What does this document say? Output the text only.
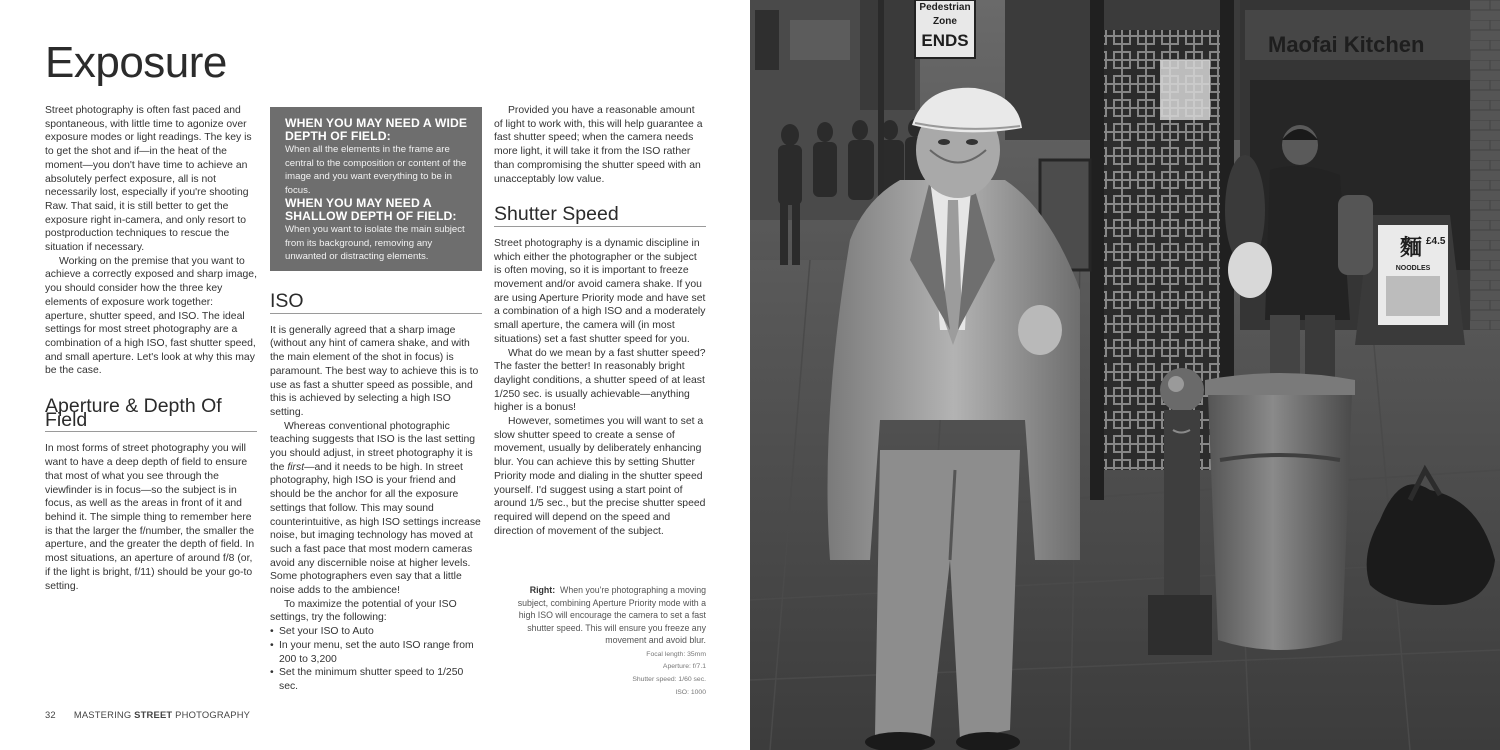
Exposure

Street photography is often fast paced and spontaneous, with little time to agonize over exposure modes or light readings. The key is to get the shot and if—in the heat of the moment—you don't have time to achieve an absolutely perfect exposure, all is not necessarily lost, especially if you're shooting Raw. That said, it is still better to get the exposure right in-camera, and only resort to postproduction techniques to rescue the situation if necessary.

Working on the premise that you want to achieve a correctly exposed and sharp image, you should consider how the three key elements of exposure work together: aperture, shutter speed, and ISO. The ideal settings for most street photography are a combination of a high ISO, fast shutter speed, and small aperture. Let's look at why this may be the case.

Aperture & Depth Of Field

In most forms of street photography you will want to have a deep depth of field to ensure that most of what you see through the viewfinder is in focus—so the subject is in focus, as well as the areas in front of it and behind it. The simple thing to remember here is that the larger the f/number, the smaller the aperture, and the greater the depth of field. In most situations, an aperture of around f/8 (or, if the light is bright, f/11) should be your go-to setting.

WHEN YOU MAY NEED A WIDE DEPTH OF FIELD:

When all the elements in the frame are central to the composition or content of the image and you want everything to be in focus.

WHEN YOU MAY NEED A SHALLOW DEPTH OF FIELD:

When you want to isolate the main subject from its background, removing any unwanted or distracting elements.

ISO

It is generally agreed that a sharp image (without any hint of camera shake, and with the main element of the shot in focus) is paramount. The best way to achieve this is to use as fast a shutter speed as possible, and this is achieved by selecting a high ISO setting.

Whereas conventional photographic teaching suggests that ISO is the last setting you should adjust, in street photography it is the first—and it needs to be high. In street photography, high ISO is your friend and should be the anchor for all the exposure settings that follow. This may sound counterintuitive, as high ISO settings increase noise, but imaging technology has moved at such a fast pace that most modern cameras avoid any discernible noise at higher levels. Some photographers even say that a little noise adds to the ambience!

To maximize the potential of your ISO settings, try the following:

• Set your ISO to Auto
• In your menu, set the auto ISO range from 200 to 3,200
• Set the minimum shutter speed to 1/250 sec.

Provided you have a reasonable amount of light to work with, this will help guarantee a fast shutter speed; when the camera needs more light, it will take it from the ISO rather than compromising the shutter speed with an unacceptably low value.

Shutter Speed

Street photography is a dynamic discipline in which either the photographer or the subject is often moving, so it is important to freeze movement and/or avoid camera shake. If you are using Aperture Priority mode and have set a combination of a high ISO and a moderately small aperture, the camera will (in most situations) set a fast shutter speed for you.

What do we mean by a fast shutter speed? The faster the better! In reasonably bright daylight conditions, a shutter speed of at least 1/250 sec. is usually achievable—anything higher is a bonus!

However, sometimes you will want to set a slow shutter speed to create a sense of movement, usually by deliberately enhancing blur. You can achieve this by setting Shutter Priority mode and dialing in the shutter speed yourself. I'd suggest using a start point of around 1/5 sec., but the precise shutter speed required will depend on the speed and direction of movement of the subject.

Right: When you're photographing a moving subject, combining Aperture Priority mode with a high ISO will encourage the camera to set a fast shutter speed. This will ensure you freeze any movement and avoid blur.

Focal length: 35mm

Aperture: f/7.1

Shutter speed: 1/60 sec.

ISO: 1000

32 MASTERING STREET PHOTOGRAPHY
Pedestrian
Zone
ENDS	Maofai Kitchen
麵 £4.5
NOODLES
